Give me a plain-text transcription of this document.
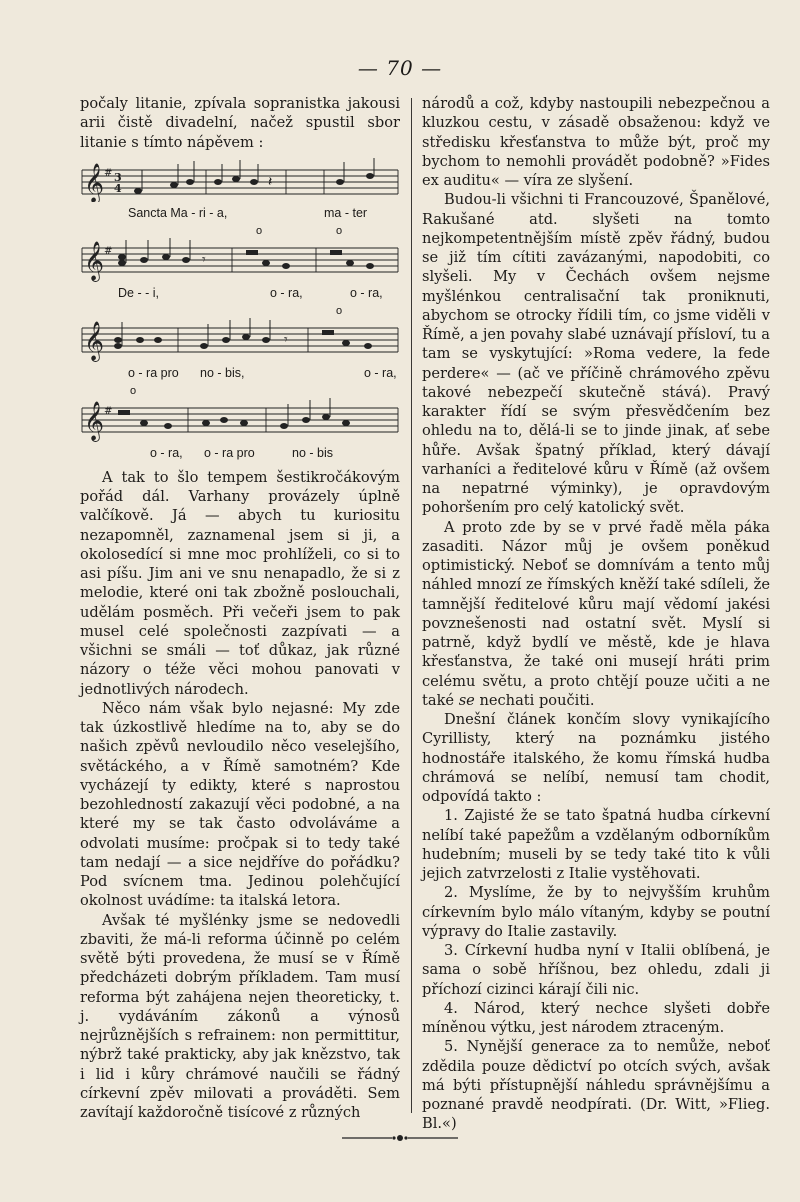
— 70 —

počaly litanie, zpívala sopranistka jakousi arii čistě divadelní, načež spustil sbor litanie s tímto nápěvem :

𝄞 # 3
4	𝄽
Sancta Ma - ri - a,	ma - ter
o	o
𝄞 #
𝄾
De - - i,	o - ra,	o - ra,
o
𝄞	𝄾
o - ra pro no - bis,	o - ra,
o
𝄞 #
o - ra, o - ra pro	no - bis

A tak to šlo tempem šestikročákovým pořád dál. Varhany provázely úplně valčíkově. Já — abych tu kuriositu nezapomněl, zaznamenal jsem si ji, a okolosedící si mne moc prohlíželi, co si to asi píšu. Jim ani ve snu nenapadlo, že si z melodie, které oni tak zbožně poslouchali, udělám posměch. Při večeři jsem to pak musel celé společnosti zazpívati — a všichni se smáli — toť důkaz, jak různé názory o téže věci mohou panovati v jednotlivých národech.

Něco nám však bylo nejasné: My zde tak úzkostlivě hledíme na to, aby se do našich zpěvů nevloudilo něco veselejšího, světáckého, a v Římě samotném? Kde vycházejí ty edikty, které s naprostou bezohledností zakazují věci podobné, a na které my se tak často odvoláváme a odvolati musíme: pročpak si to tedy také tam nedají — a sice nejdříve do pořádku? Pod svícnem tma. Jedinou polehčující okolnost uvádíme: ta italská letora.

Avšak té myšlénky jsme se nedovedli zbaviti, že má-li reforma účinně po celém světě býti provedena, že musí se v Římě předcházeti dobrým příkladem. Tam musí reforma být zahájena nejen theoreticky, t. j. vydáváním zákonů a výnosů nejrůznějších s refrainem: non permittitur, nýbrž také prakticky, aby jak knězstvo, tak i lid i kůry chrámové naučili se řádný církevní zpěv milovati a prováděti. Sem zavítají každoročně tisícové z různých

národů a což, kdyby nastoupili nebezpečnou a kluzkou cestu, v zásadě obsaženou: když ve středisku křesťanstva to může být, proč my bychom to nemohli provádět podobně? »Fides ex auditu« — víra ze slyšení.

Budou-li všichni ti Francouzové, Španělové, Rakušané atd. slyšeti na tomto nejkompetentnějším místě zpěv řádný, budou se již tím cítiti zavázanými, napodobiti, co slyšeli. My v Čechách ovšem nejsme myšlénkou centralisační tak proniknuti, abychom se otrocky řídili tím, co jsme viděli v Římě, a jen povahy slabé uznávají přísloví, tu a tam se vyskytující: »Roma vedere, la fede perdere« — (ač ve příčině chrámového zpěvu takové nebezpečí skutečně stává). Pravý karakter řídí se svým přesvědčením bez ohledu na to, dělá-li se to jinde jinak, ať sebe hůře. Avšak špatný příklad, který dávají varhaníci a ředitelové kůru v Římě (až ovšem na nepatrné výminky), je opravdovým pohoršením pro celý katolický svět.

A proto zde by se v prvé řadě měla páka zasaditi. Názor můj je ovšem poněkud optimistický. Neboť se domnívám a tento můj náhled mnozí ze římských kněží také sdíleli, že tamnější ředitelové kůru mají vědomí jakési povznešenosti nad ostatní svět. Myslí si patrně, když bydlí ve městě, kde je hlava křesťanstva, že také oni musejí hráti prim celému světu, a proto chtějí pouze učiti a ne také se nechati poučiti.

Dnešní článek končím slovy vynikajícího Cyrillisty, který na poznámku jistého hodnostáře italského, že komu římská hudba chrámová se nelíbí, nemusí tam chodit, odpovídá takto :

1. Zajisté že se tato špatná hudba církevní nelíbí také papežům a vzdělaným odborníkům hudebním; museli by se tedy také tito k vůli jejich zatvrzelosti z Italie vystěhovati.

2. Myslíme, že by to nejvyšším kruhům církevním bylo málo vítaným, kdyby se poutní výpravy do Italie zastavily.

3. Církevní hudba nyní v Italii oblíbená, je sama o sobě hříšnou, bez ohledu, zdali ji příchozí cizinci kárají čili nic.

4. Národ, který nechce slyšeti dobře míněnou výtku, jest národem ztraceným.

5. Nynější generace za to nemůže, neboť zdědila pouze dědictví po otcích svých, avšak má býti přístupnější náhledu správnějšímu a poznané pravdě neodpírati. (Dr. Witt, »Flieg. Bl.«)
